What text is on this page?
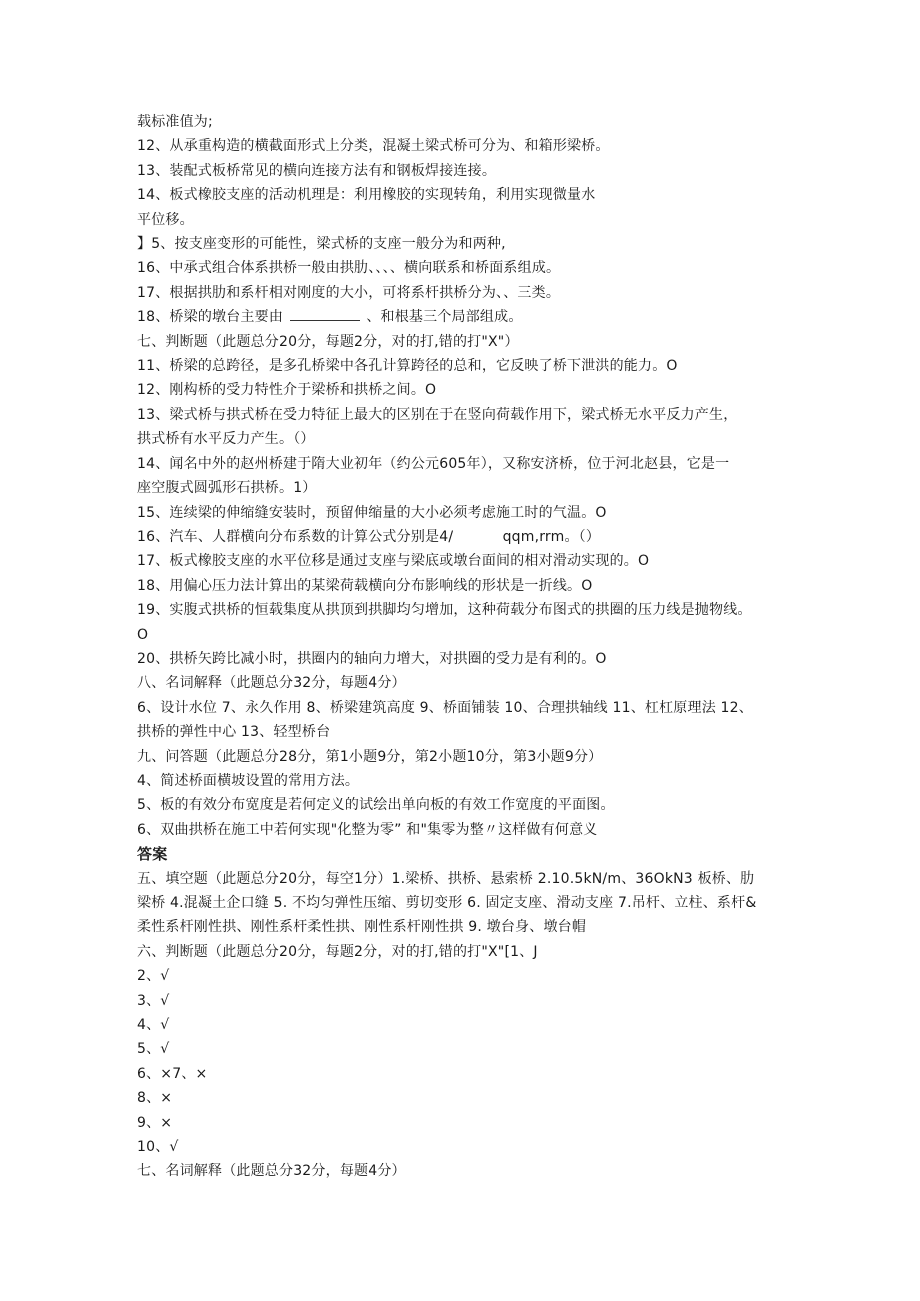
载标准值为;
12、从承重构造的横截面形式上分类，混凝土梁式桥可分为、和箱形梁桥。
13、装配式板桥常见的横向连接方法有和钢板焊接连接。
14、板式橡胶支座的活动机理是：利用橡胶的实现转角，利用实现微量水
平位移。
】5、按支座变形的可能性，梁式桥的支座一般分为和两种,
16、中承式组合体系拱桥一般由拱肋、、、、横向联系和桥面系组成。
17、根据拱肋和系杆相对刚度的大小，可将系杆拱桥分为、、三类。
18、桥梁的墩台主要由	、和根基三个局部组成。
七、判断题（此题总分20分，每题2分，对的打,错的打"X"）
11、桥梁的总跨径，是多孔桥梁中各孔计算跨径的总和，它反映了桥下泄洪的能力。O
12、刚构桥的受力特性介于梁桥和拱桥之间。O
13、梁式桥与拱式桥在受力特征上最大的区别在于在竖向荷载作用下，梁式桥无水平反力产生，
拱式桥有水平反力产生。（）
14、闻名中外的赵州桥建于隋大业初年（约公元605年），又称安济桥，位于河北赵县，它是一
座空腹式圆弧形石拱桥。1）
15、连续梁的伸缩缝安装时，预留伸缩量的大小必须考虑施工时的气温。O
16、汽车、人群横向分布系数的计算公式分别是4/	qqm,rrm。（）
17、板式橡胶支座的水平位移是通过支座与梁底或墩台面间的相对滑动实现的。O
18、用偏心压力法计算出的某梁荷载横向分布影响线的形状是一折线。O
19、实腹式拱桥的恒载集度从拱顶到拱脚均匀增加，这种荷载分布图式的拱圈的压力线是抛物线。
O
20、拱桥矢跨比减小时，拱圈内的轴向力增大，对拱圈的受力是有利的。O
八、名词解释（此题总分32分，每题4分）
6、设计水位 7、永久作用 8、桥梁建筑高度 9、桥面铺装 10、合理拱轴线 11、杠杠原理法 12、
拱桥的弹性中心 13、轻型桥台
九、问答题（此题总分28分，第1小题9分，第2小题10分，第3小题9分）
4、简述桥面横坡设置的常用方法。
5、板的有效分布宽度是若何定义的试绘出单向板的有效工作宽度的平面图。
6、双曲拱桥在施工中若何实现"化整为零” 和"集零为整〃这样做有何意义
答案
五、填空题（此题总分20分，每空1分）1.梁桥、拱桥、悬索桥 2.10.5kN/m、36OkN3 板桥、肋
梁桥 4.混凝土企口缝 5. 不均匀弹性压缩、剪切变形 6. 固定支座、滑动支座 7.吊杆、立柱、系杆&
柔性系杆刚性拱、刚性系杆柔性拱、刚性系杆刚性拱 9. 墩台身、墩台帽
六、判断题（此题总分20分，每题2分，对的打,错的打"X"[1、J
2、√
3、√
4、√
5、√
6、×7、×
8、×
9、×
10、√
七、名词解释（此题总分32分，每题4分）
